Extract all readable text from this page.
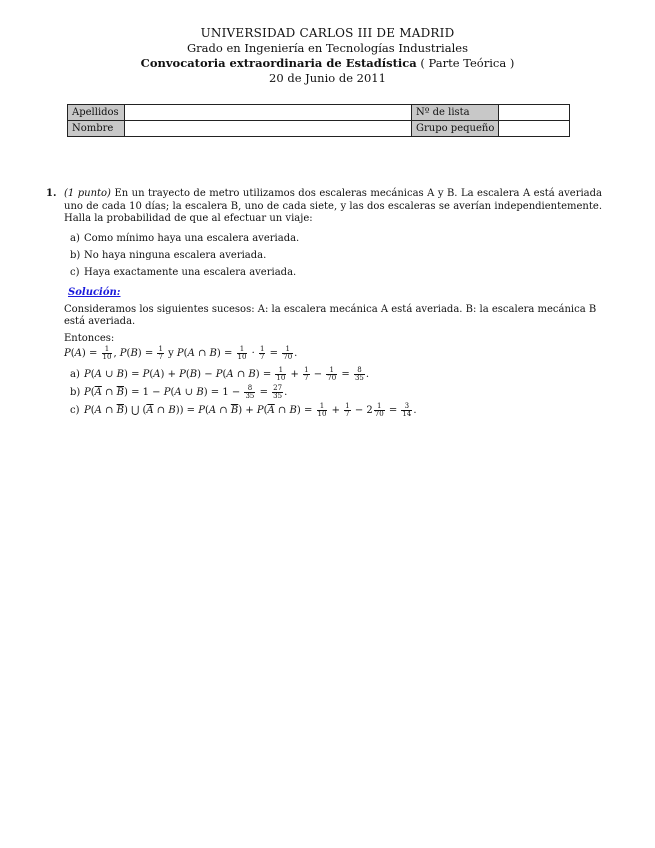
UNIVERSIDAD CARLOS III DE MADRID
Grado en Ingeniería en Tecnologías Industriales
Convocatoria extraordinaria de Estadística ( Parte Teórica )
20 de Junio de 2011
Apellidos		Nº de lista	
Nombre		Grupo pequeño	
1. (1 punto) En un trayecto de metro utilizamos dos escaleras mecánicas A y B. La escalera A está averiada uno de cada 10 días; la escalera B, uno de cada siete, y las dos escaleras se averían independientemente. Halla la probabilidad de que al efectuar un viaje:
a) Como mínimo haya una escalera averiada.
b) No haya ninguna escalera averiada.
c) Haya exactamente una escalera averiada.
Solución:
Consideramos los siguientes sucesos: A: la escalera mecánica A está averiada. B: la escalera mecánica B está averiada.
Entonces:
$P(A) = \frac{1}{10}$ , $P(B) = \frac{1}{7}$ y P(A ∩ $B) = \frac{1}{10} \cdot \frac{1}{7} = \frac{1}{70}$ .
a) P(A ∪ B) = P(A) + P(B) − P(A ∩ $B) = \frac{1}{10} + \frac{1}{7} - \frac{1}{70} = \frac{8}{35}$ .
b) $P(\overline{A}$ ∩ $\overline{B}) = 1 - P(A$ ∪ $B) = 1 - \frac{8}{35} = \frac{27}{35}$ .
c) P(A ∩ $\overline{B}$) ⋃ ($\overline{A}$ ∩ B)) = P(A ∩ $\overline{B}) + P(\overline{A}$ ∩ $B) = \frac{1}{10} + \frac{1}{7} - 2 \frac{1}{70} = \frac{3}{14}$ .
